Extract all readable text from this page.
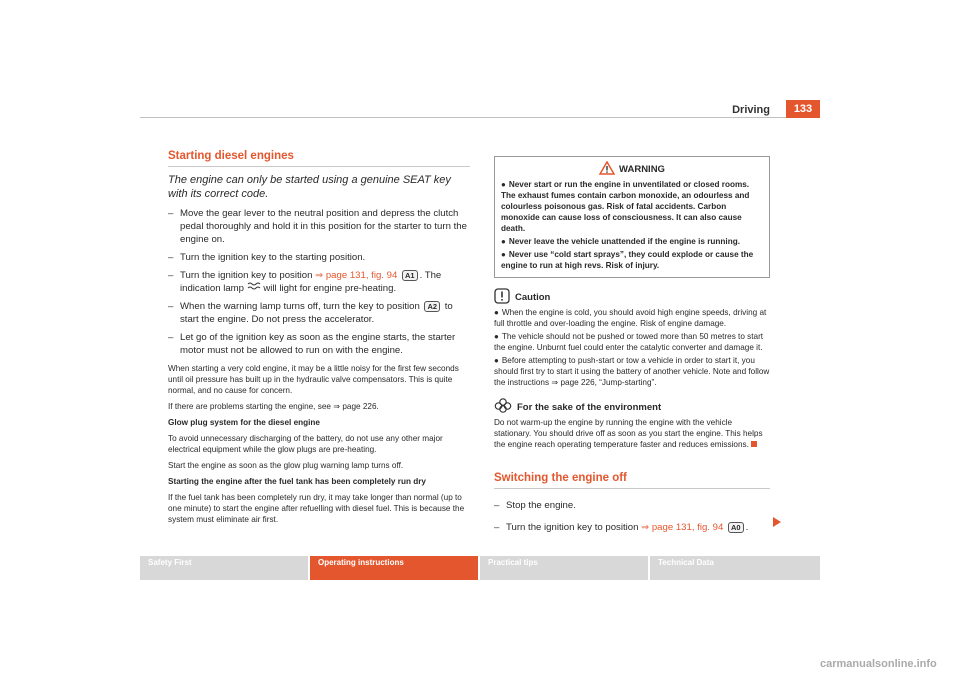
Driving	133
Starting diesel engines
The engine can only be started using a genuine SEAT key with its correct code.
– Move the gear lever to the neutral position and depress the clutch pedal thoroughly and hold it in this position for the starter to turn the engine on.
– Turn the ignition key to the starting position.
– Turn the ignition key to position ⇒ page 131, fig. 94 A1 . The indication lamp will light for engine pre-heating.
– When the warning lamp turns off, turn the key to position A2 to start the engine. Do not press the accelerator.
– Let go of the ignition key as soon as the engine starts, the starter motor must not be allowed to run on with the engine.

When starting a very cold engine, it may be a little noisy for the first few seconds until oil pressure has built up in the hydraulic valve compensators. This is quite normal, and no cause for concern.

If there are problems starting the engine, see ⇒ page 226.

Glow plug system for the diesel engine

To avoid unnecessary discharging of the battery, do not use any other major electrical equipment while the glow plugs are pre-heating.

Start the engine as soon as the glow plug warning lamp turns off.

Starting the engine after the fuel tank has been completely run dry

If the fuel tank has been completely run dry, it may take longer than normal (up to one minute) to start the engine after refuelling with diesel fuel. This is because the system must eliminate air first.

WARNING

● Never start or run the engine in unventilated or closed rooms. The exhaust fumes contain carbon monoxide, an odourless and colourless poisonous gas. Risk of fatal accidents. Carbon monoxide can cause loss of consciousness. It can also cause death.

● Never leave the vehicle unattended if the engine is running.

● Never use “cold start sprays”, they could explode or cause the engine to run at high revs. Risk of injury.

Caution

● When the engine is cold, you should avoid high engine speeds, driving at full throttle and over-loading the engine. Risk of engine damage.

● The vehicle should not be pushed or towed more than 50 metres to start the engine. Unburnt fuel could enter the catalytic converter and damage it.

● Before attempting to push-start or tow a vehicle in order to start it, you should first try to start it using the battery of another vehicle. Note and follow the instructions ⇒ page 226, “Jump-starting”.

For the sake of the environment

Do not warm-up the engine by running the engine with the vehicle stationary. You should drive off as soon as you start the engine. This helps the engine reach operating temperature faster and reduces emissions.

Switching the engine off
– Stop the engine.
– Turn the ignition key to position ⇒ page 131, fig. 94 A0 .
Safety First	Operating instructions	Practical tips	Technical Data
carmanualsonline.info
